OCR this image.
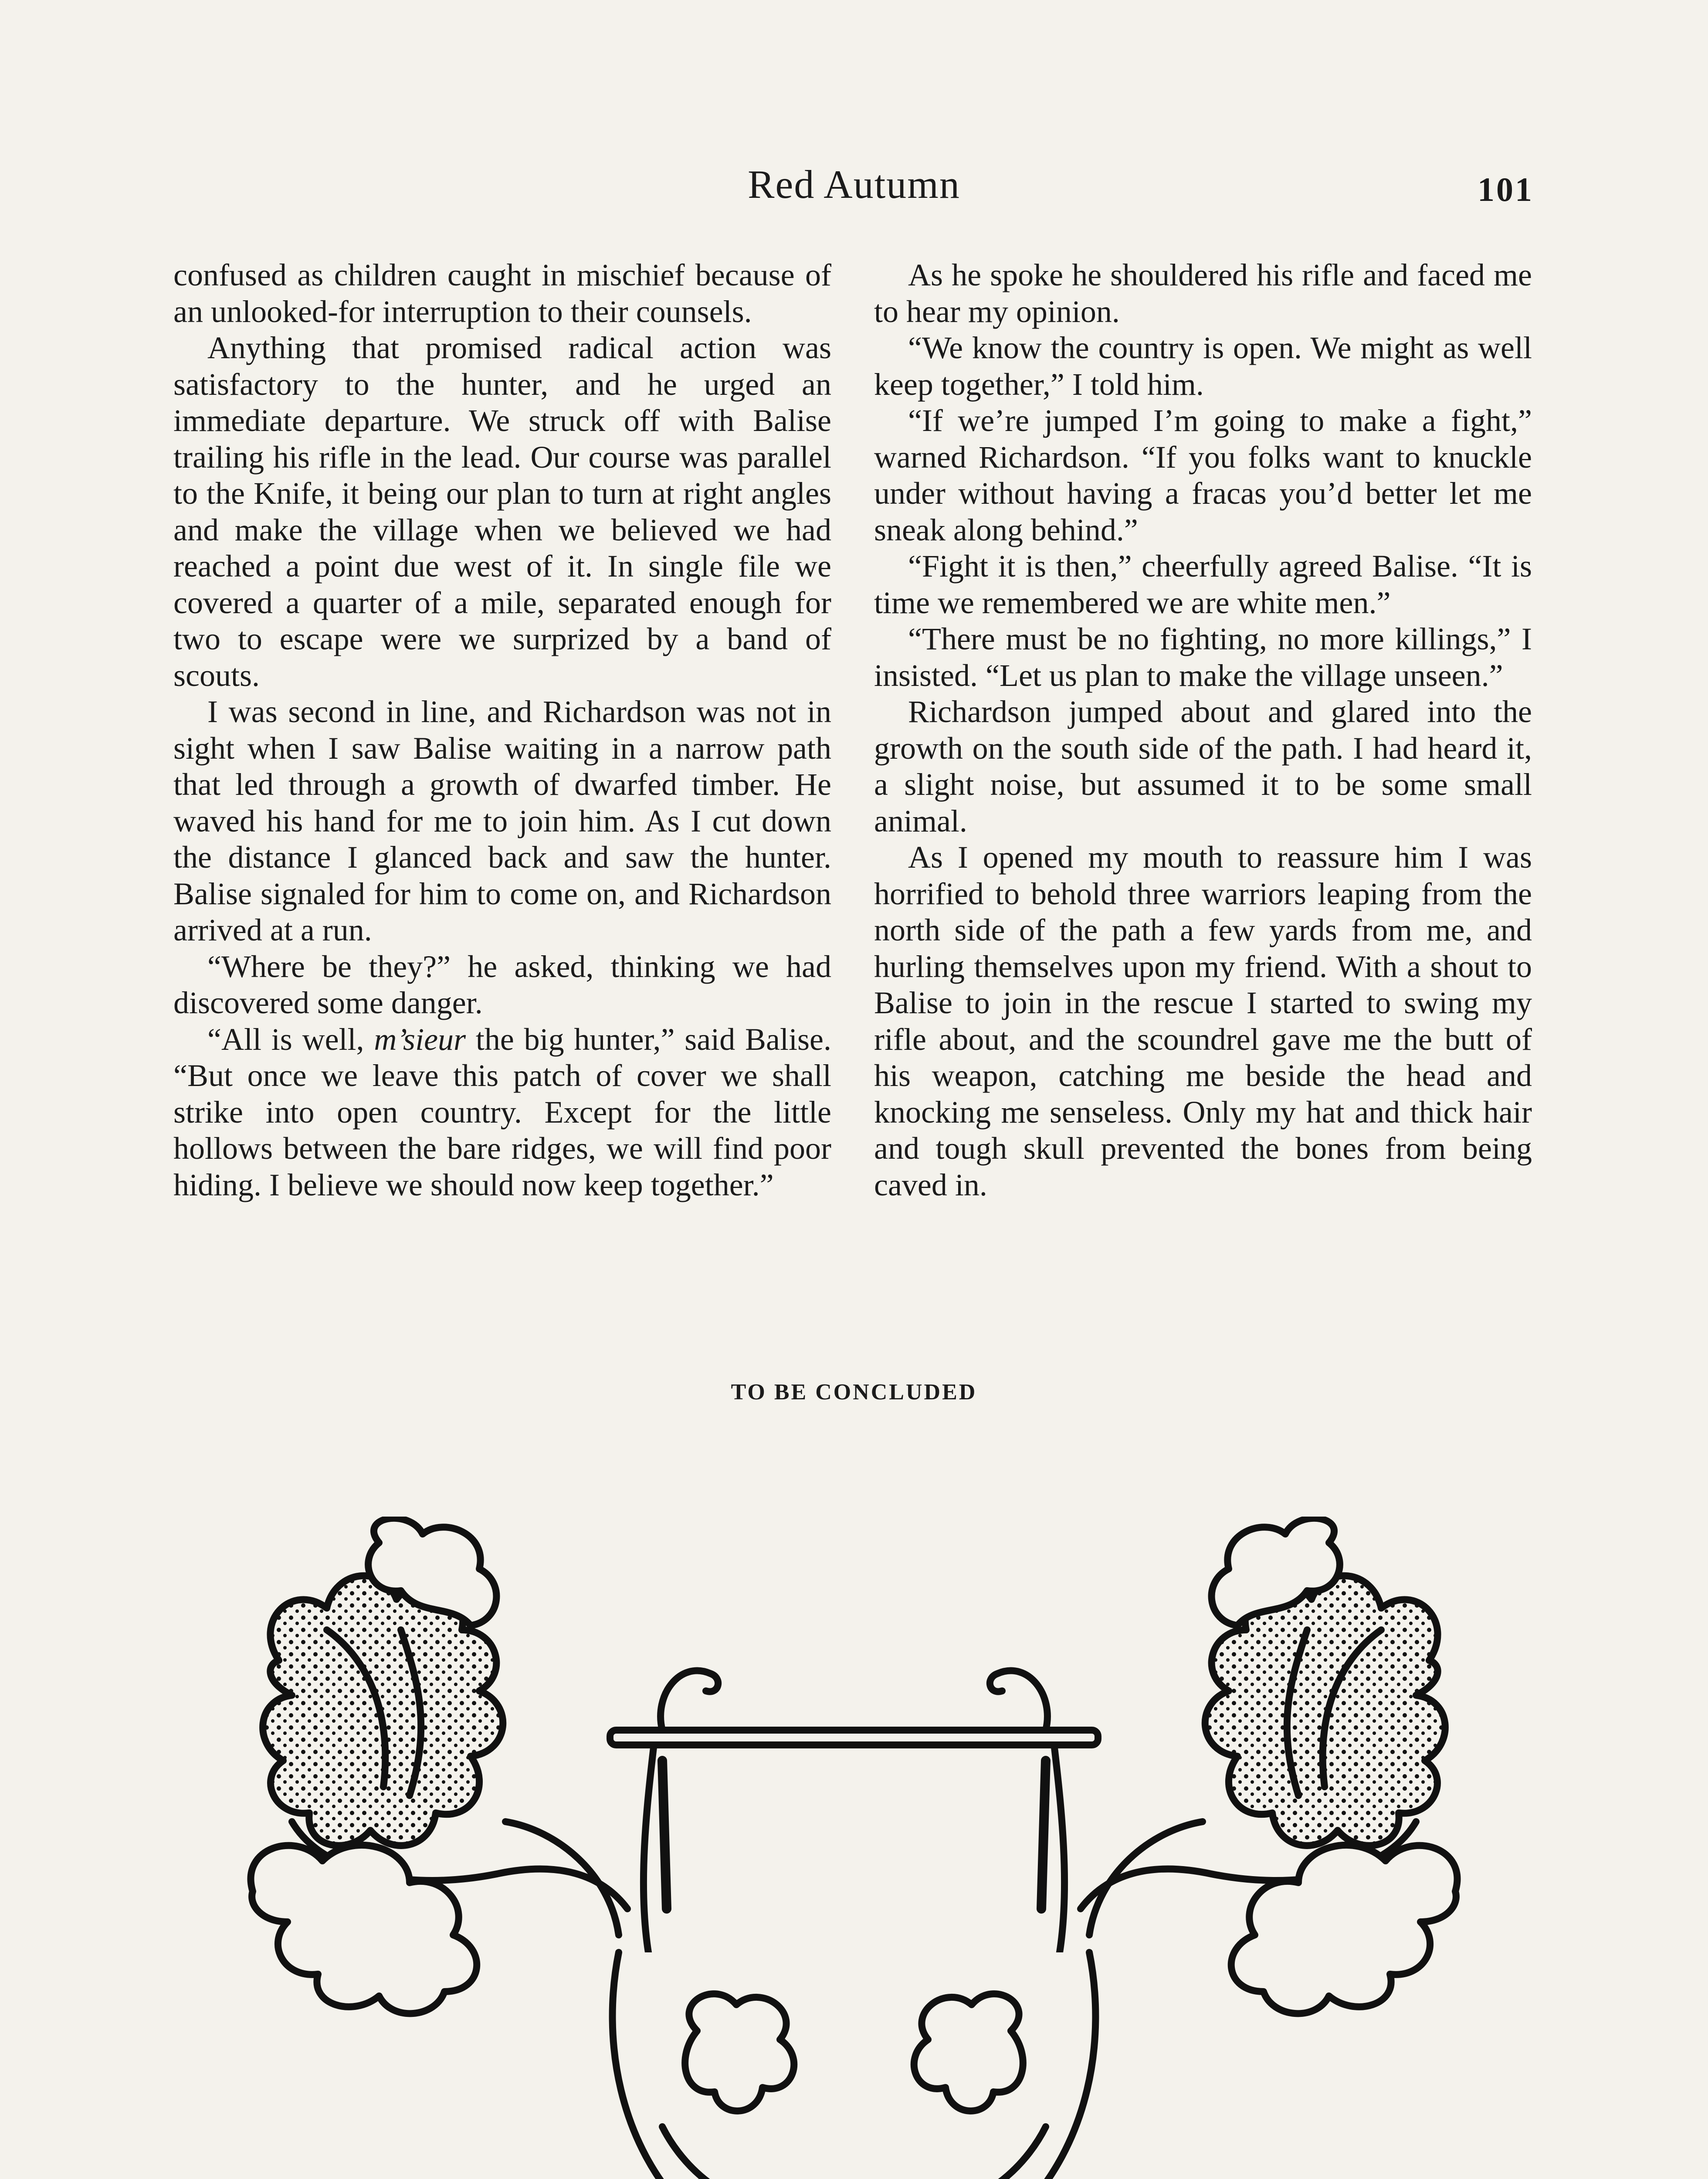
Red Autumn	101

confused as children caught in mischief because of an unlooked-for interruption to their counsels.

Anything that promised radical action was satisfactory to the hunter, and he urged an immediate departure. We struck off with Balise trailing his rifle in the lead. Our course was parallel to the Knife, it being our plan to turn at right angles and make the village when we believed we had reached a point due west of it. In single file we covered a quarter of a mile, separated enough for two to escape were we surprized by a band of scouts.

I was second in line, and Richardson was not in sight when I saw Balise waiting in a narrow path that led through a growth of dwarfed timber. He waved his hand for me to join him. As I cut down the distance I glanced back and saw the hunter. Balise signaled for him to come on, and Richardson arrived at a run.

“Where be they?” he asked, thinking we had discovered some danger.

“All is well, m’sieur the big hunter,” said Balise. “But once we leave this patch of cover we shall strike into open country. Except for the little hollows between the bare ridges, we will find poor hiding. I believe we should now keep together.”

As he spoke he shouldered his rifle and faced me to hear my opinion.

“We know the country is open. We might as well keep together,” I told him.

“If we’re jumped I’m going to make a fight,” warned Richardson. “If you folks want to knuckle under without having a fracas you’d better let me sneak along behind.”

“Fight it is then,” cheerfully agreed Balise. “It is time we remembered we are white men.”

“There must be no fighting, no more killings,” I insisted. “Let us plan to make the village unseen.”

Richardson jumped about and glared into the growth on the south side of the path. I had heard it, a slight noise, but assumed it to be some small animal.

As I opened my mouth to reassure him I was horrified to behold three warriors leaping from the north side of the path a few yards from me, and hurling themselves upon my friend. With a shout to Balise to join in the rescue I started to swing my rifle about, and the scoundrel gave me the butt of his weapon, catching me beside the head and knocking me senseless. Only my hat and thick hair and tough skull prevented the bones from being caved in.

TO BE CONCLUDED
